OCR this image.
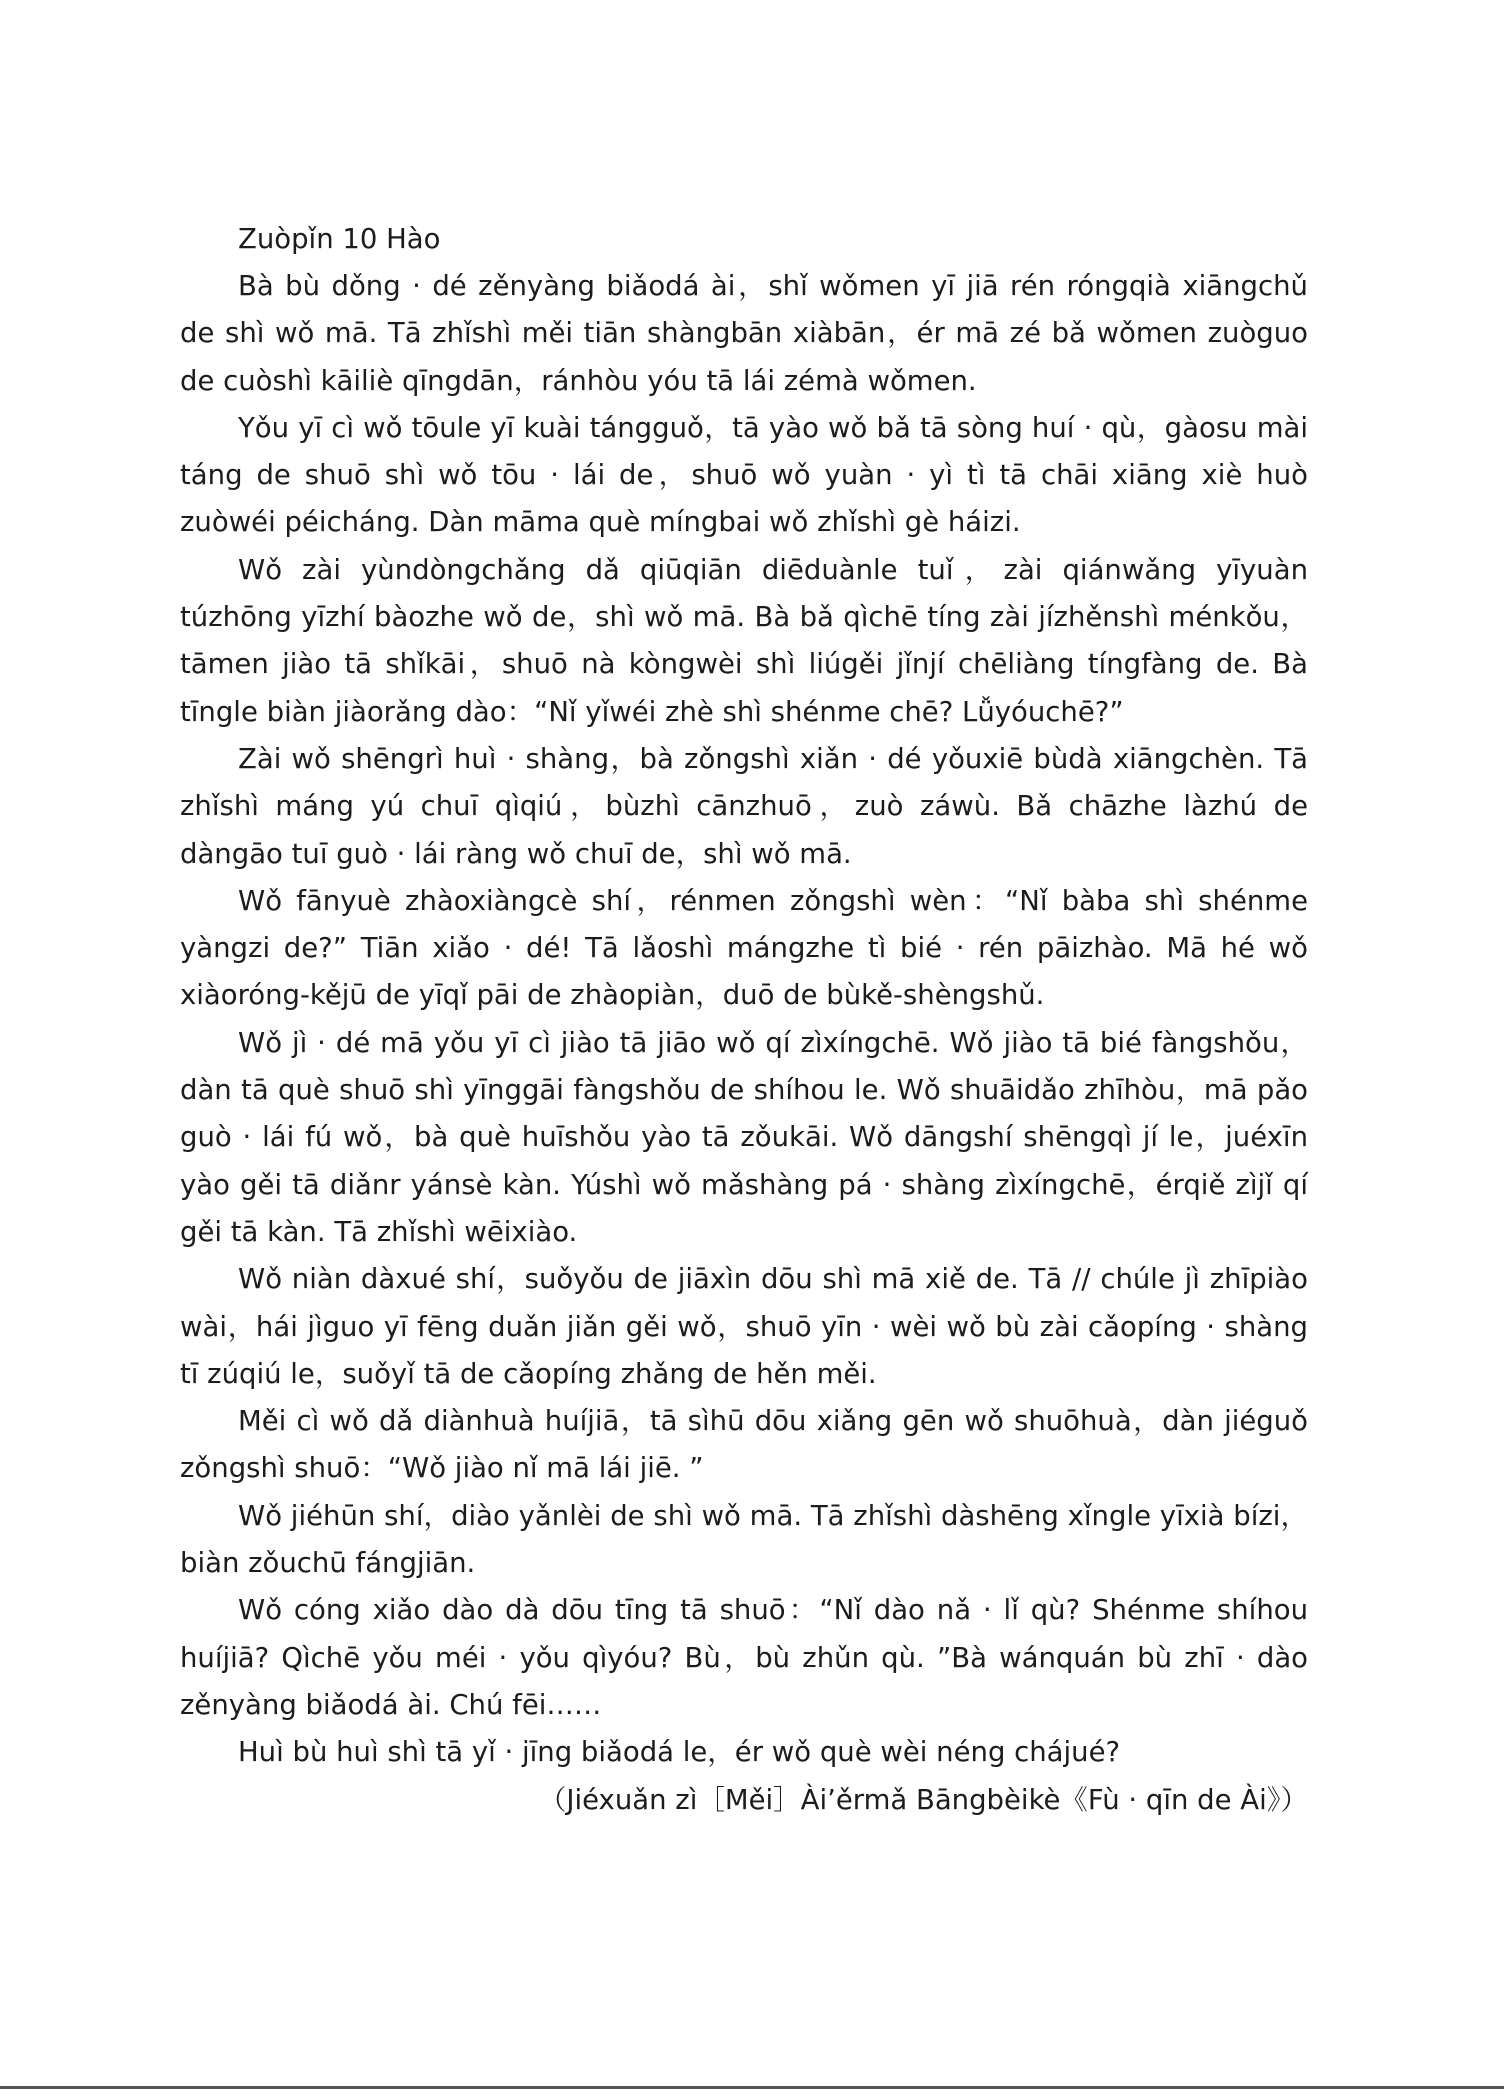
Zuòpǐn 10 Hào

Bà bù dǒng · dé zěnyàng biǎodá ài，shǐ wǒmen yī jiā rén róngqià xiāngchǔ de shì wǒ mā. Tā zhǐshì měi tiān shàngbān xiàbān，ér mā zé bǎ wǒmen zuòguo de cuòshì kāiliè qīngdān，ránhòu yóu tā lái zémà wǒmen.

Yǒu yī cì wǒ tōule yī kuài tángguǒ，tā yào wǒ bǎ tā sòng huí · qù，gàosu mài táng de shuō shì wǒ tōu · lái de，shuō wǒ yuàn · yì tì tā chāi xiāng xiè huò zuòwéi péicháng. Dàn māma què míngbai wǒ zhǐshì gè háizi.

Wǒ zài yùndòngchǎng dǎ qiūqiān diēduànle tuǐ，zài qiánwǎng yīyuàn túzhōng yīzhí bàozhe wǒ de，shì wǒ mā. Bà bǎ qìchē tíng zài jízhěnshì ménkǒu，tāmen jiào tā shǐkāi，shuō nà kòngwèi shì liúgěi jǐnjí chēliàng tíngfàng de. Bà tīngle biàn jiàorǎng dào：“Nǐ yǐwéi zhè shì shénme chē? Lǚyóuchē?”

Zài wǒ shēngrì huì · shàng，bà zǒngshì xiǎn · dé yǒuxiē bùdà xiāngchèn. Tā zhǐshì máng yú chuī qìqiú，bùzhì cānzhuō，zuò záwù. Bǎ chāzhe làzhú de dàngāo tuī guò · lái ràng wǒ chuī de，shì wǒ mā.

Wǒ fānyuè zhàoxiàngcè shí，rénmen zǒngshì wèn：“Nǐ bàba shì shénme yàngzi de?” Tiān xiǎo · dé! Tā lǎoshì mángzhe tì bié · rén pāizhào. Mā hé wǒ xiàoróng-kějū de yīqǐ pāi de zhàopiàn，duō de bùkě-shèngshǔ.

Wǒ jì · dé mā yǒu yī cì jiào tā jiāo wǒ qí zìxíngchē. Wǒ jiào tā bié fàngshǒu，dàn tā què shuō shì yīnggāi fàngshǒu de shíhou le. Wǒ shuāidǎo zhīhòu，mā pǎo guò · lái fú wǒ，bà què huīshǒu yào tā zǒukāi. Wǒ dāngshí shēngqì jí le，juéxīn yào gěi tā diǎnr yánsè kàn. Yúshì wǒ mǎshàng pá · shàng zìxíngchē，érqiě zìjǐ qí gěi tā kàn. Tā zhǐshì wēixiào.

Wǒ niàn dàxué shí，suǒyǒu de jiāxìn dōu shì mā xiě de. Tā // chúle jì zhīpiào wài，hái jìguo yī fēng duǎn jiǎn gěi wǒ，shuō yīn · wèi wǒ bù zài cǎopíng · shàng tī zúqiú le，suǒyǐ tā de cǎopíng zhǎng de hěn měi.

Měi cì wǒ dǎ diànhuà huíjiā，tā sìhū dōu xiǎng gēn wǒ shuōhuà，dàn jiéguǒ zǒngshì shuō：“Wǒ jiào nǐ mā lái jiē. ”

Wǒ jiéhūn shí，diào yǎnlèi de shì wǒ mā. Tā zhǐshì dàshēng xǐngle yīxià bízi，biàn zǒuchū fángjiān.

Wǒ cóng xiǎo dào dà dōu tīng tā shuō：“Nǐ dào nǎ · lǐ qù? Shénme shíhou huíjiā? Qìchē yǒu méi · yǒu qìyóu? Bù，bù zhǔn qù. ”Bà wánquán bù zhī · dào zěnyàng biǎodá ài. Chú fēi……

Huì bù huì shì tā yǐ · jīng biǎodá le，ér wǒ què wèi néng chájué?

（Jiéxuǎn zì［Měi］Ài’ěrmǎ Bāngbèikè《Fù · qīn de Ài》）
